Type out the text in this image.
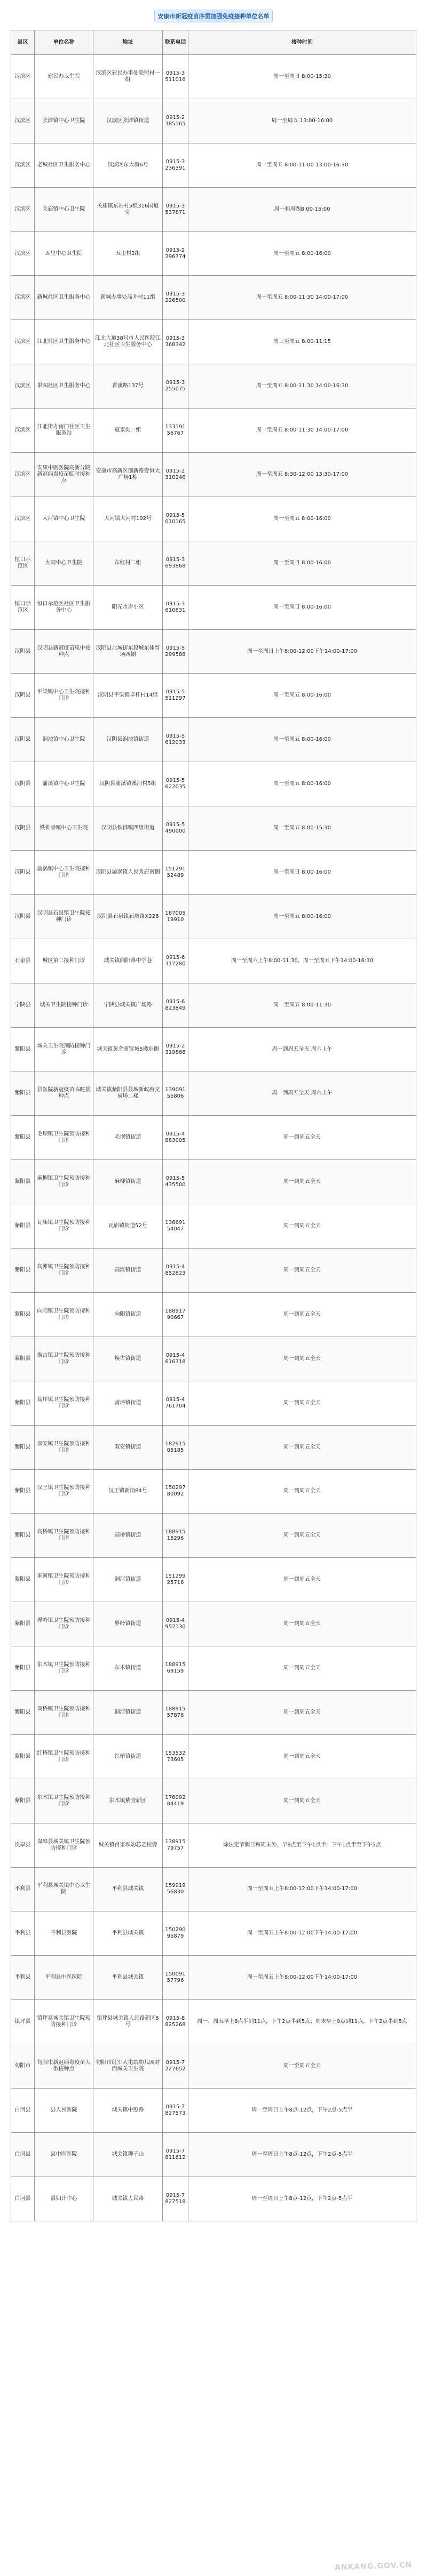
安康市新冠疫苗序贯加强免疫接种单位名单
县区	单位名称	地址	联系电话	接种时间
汉滨区	建民办卫生院	汉滨区建民办事处联盟村一组	0915-3511016	周一至周日 8:00-15:30
汉滨区	张滩镇中心卫生院	汉滨区张滩镇街道	0915-2385165	周一至周五 13:00-16:00
汉滨区	老城社区卫生服务中心	汉滨区东大街6号	0915-3236391	周一至周五 8:00-11:00 13:00-16:30
汉滨区	关庙镇中心卫生院	关庙镇东站村5组316国道旁	0915-3537871	周一和周四8:00-15:00
汉滨区	五里中心卫生院	五里村2组	0915-2296774	周一至周五 8:00-16:00
汉滨区	新城社区卫生服务中心	新城办事处高井村11组	0915-3226500	周一至周五 8:00-11:30 14:00-17:00
汉滨区	江北社区卫生服务中心	江北大道38号市人民医院江北社区卫生服务中心	0915-3368342	周三至周五 8:00-11:15
汉滨区	果园社区卫生服务中心	香溪路137号	0915-3255075	周一至周五 8:00-11:30 14:00-16:30
汉滨区	江北街办南门社区卫生服务站	寇家沟一组	13319156767	周一至周五 8:00-11:30 14:00-17:00
汉滨区	安康中医医院高新分院新冠病毒疫苗临时接种点	安康市高新区创新路旁恒大广场1栋	0915-2310246	周一至周五 8:30-12:00 13:30-17:00
汉滨区	大河镇中心卫生院	大河镇大河村192号	0915-5010165	周一至周五 8:00-16:00
恒口示范区	大同中心卫生院	东红村二组	0915-3693868	周一至周日 8:00-16:00
恒口示范区	恒口示范区社区卫生服务中心	阳光水岸小区	0915-3610831	周一至周日 8:00-16:00
汉阴县	汉阴县新冠疫苗集中接种点	汉阴县北城街东段城东体育场西侧	0915-5299588	周一至周日上午8:00-12:00下午14:00-17:00
汉阴县	平梁镇中心卫生院接种门诊	汉阴县平梁镇卓杆村14组	0915-5511297	周一至周五 8:00-16:00
汉阴县	涧池镇中心卫生院	汉阴县涧池镇街道	0915-5612033	周一至周五 8:00-16:00
汉阴县	蒲溪镇中心卫生院	汉阴县蒲溪镇溪河村5组	0915-5622035	周一至周五 8:00-16:00
汉阴县	铁佛寺镇中心卫生院	汉阴县铁佛镇四组街道	0915-5490000	周一至周五 8:00-15:30
汉阴县	漩涡镇中心卫生院接种门诊	汉阴县漩涡镇人民政府南侧	15129152489	周一至周日 8:00-16:00
汉阴县	汉阴县石泉镇卫生院接种门诊	汉阴县石泉镇石鹰路X226	18700519910	周一至周五 8:00-16:00
石泉县	城区第二接种门诊	城关镇向阳路中学巷	0915-6317280	周一至周六上午8:00-11:30，周一至周五下午14:00-16:30
宁陕县	城关卫生院接种门诊	宁陕县城关镇广场路	0915-6823849	周一至周五 8:00-11:30
紫阳县	城关卫生院预防接种门诊	城关镇黄金商贸城5楼东侧	0915-2319868	周一到周五全天 周六上午
紫阳县	县医院新冠疫苗临时接种点	城关镇紫阳县县城新政府交易场二楼	13909155806	周一到周五全天 周六上午
紫阳县	毛坝镇卫生院预防接种门诊	毛坝镇街道	0915-4883005	周一到周五全天
紫阳县	麻柳镇卫生院预防接种门诊	麻柳镇街道	0915-5435500	周一到周五全天
紫阳县	瓦庙镇卫生院预防接种门诊	瓦庙镇街道52号	13669154047	周一到周五全天
紫阳县	高滩镇卫生院预防接种门诊	高滩镇街道	0915-4852823	周一到周五全天
紫阳县	向阳镇卫生院预防接种门诊	向阳镇街道	18891790667	周一到周五全天
紫阳县	焕古镇卫生院预防接种门诊	焕古镇街道	0915-4616318	周一到周五全天
紫阳县	蒿坪镇卫生院预防接种门诊	蒿坪镇街道	0915-4761704	周一到周五全天
紫阳县	双安镇卫生院预防接种门诊	双安镇街道	18291505185	周一到周五全天
紫阳县	汉王镇卫生院预防接种门诊	汉王镇新街84号	15029780092	周一到周五全天
紫阳县	高桥镇卫生院预防接种门诊	高桥镇街道	18891515296	周一到周五全天
紫阳县	洞河镇卫生院预防接种门诊	洞河镇街道	15129925716	周一到周五全天
紫阳县	界岭镇卫生院预防接种门诊	界岭镇街道	0915-4952130	周一到周五全天
紫阳县	东木镇卫生院预防接种门诊	东木镇街道	18891569159	周一到周五全天
紫阳县	双桥镇卫生院预防接种门诊	洞河镇街道	18891557878	周一到周五全天
紫阳县	红椿镇卫生院预防接种门诊	红椿镇街道	15353273605	周一到周五全天
紫阳县	东木镇卫生院预防接种门诊	东木镇紫萱新区	17609284419	周一到周五全天
岚皋县	岚皋县城关镇卫生院预防接种门诊	城关镇肖家坝幼芯艺校旁	13891579757	除法定节假日和周末外，早8点至下午1点半，下午1点半至下午5点
平利县	平利县城关镇中心卫生院	平利县城关镇	15991956830	周一至周五上午8:00-12:00下午14:00-17:00
平利县	平利县医院	平利县城关镇	15029095879	周一至周五上午8:00-12:00下午14:00-17:00
平利县	平利县中医医院	平利县城关镇	15009157796	周一至周五上午8:00-12:00下午14:00-17:00
镇坪县	镇坪县城关镇卫生院预防接种门诊	镇坪县城关镇人民路新区6号	0915-8825268	周一、周五早上8点半到11点，下午2点半到5点；周末早上9点到11点，下午2点半到5点
旬阳市	旬阳市新冠病毒疫苗大型接种点	旬阳市红军大屯站幼儿园对面城关卫生院	0915-7227652	周一至周五全天
白河县	县人民医院	城关镇中照路	0915-7827573	周一至周日上午8点-12点，下午2点-5点半
白河县	县中医医院	城关镇狮子山	0915-7811612	周一至周日上午8点-12点，下午2点-5点半
白河县	县妇计中心	城关镇人民路	0915-7827518	周一至周日上午8点-12点，下午2点-5点半
ANKANG.GOV.CN
